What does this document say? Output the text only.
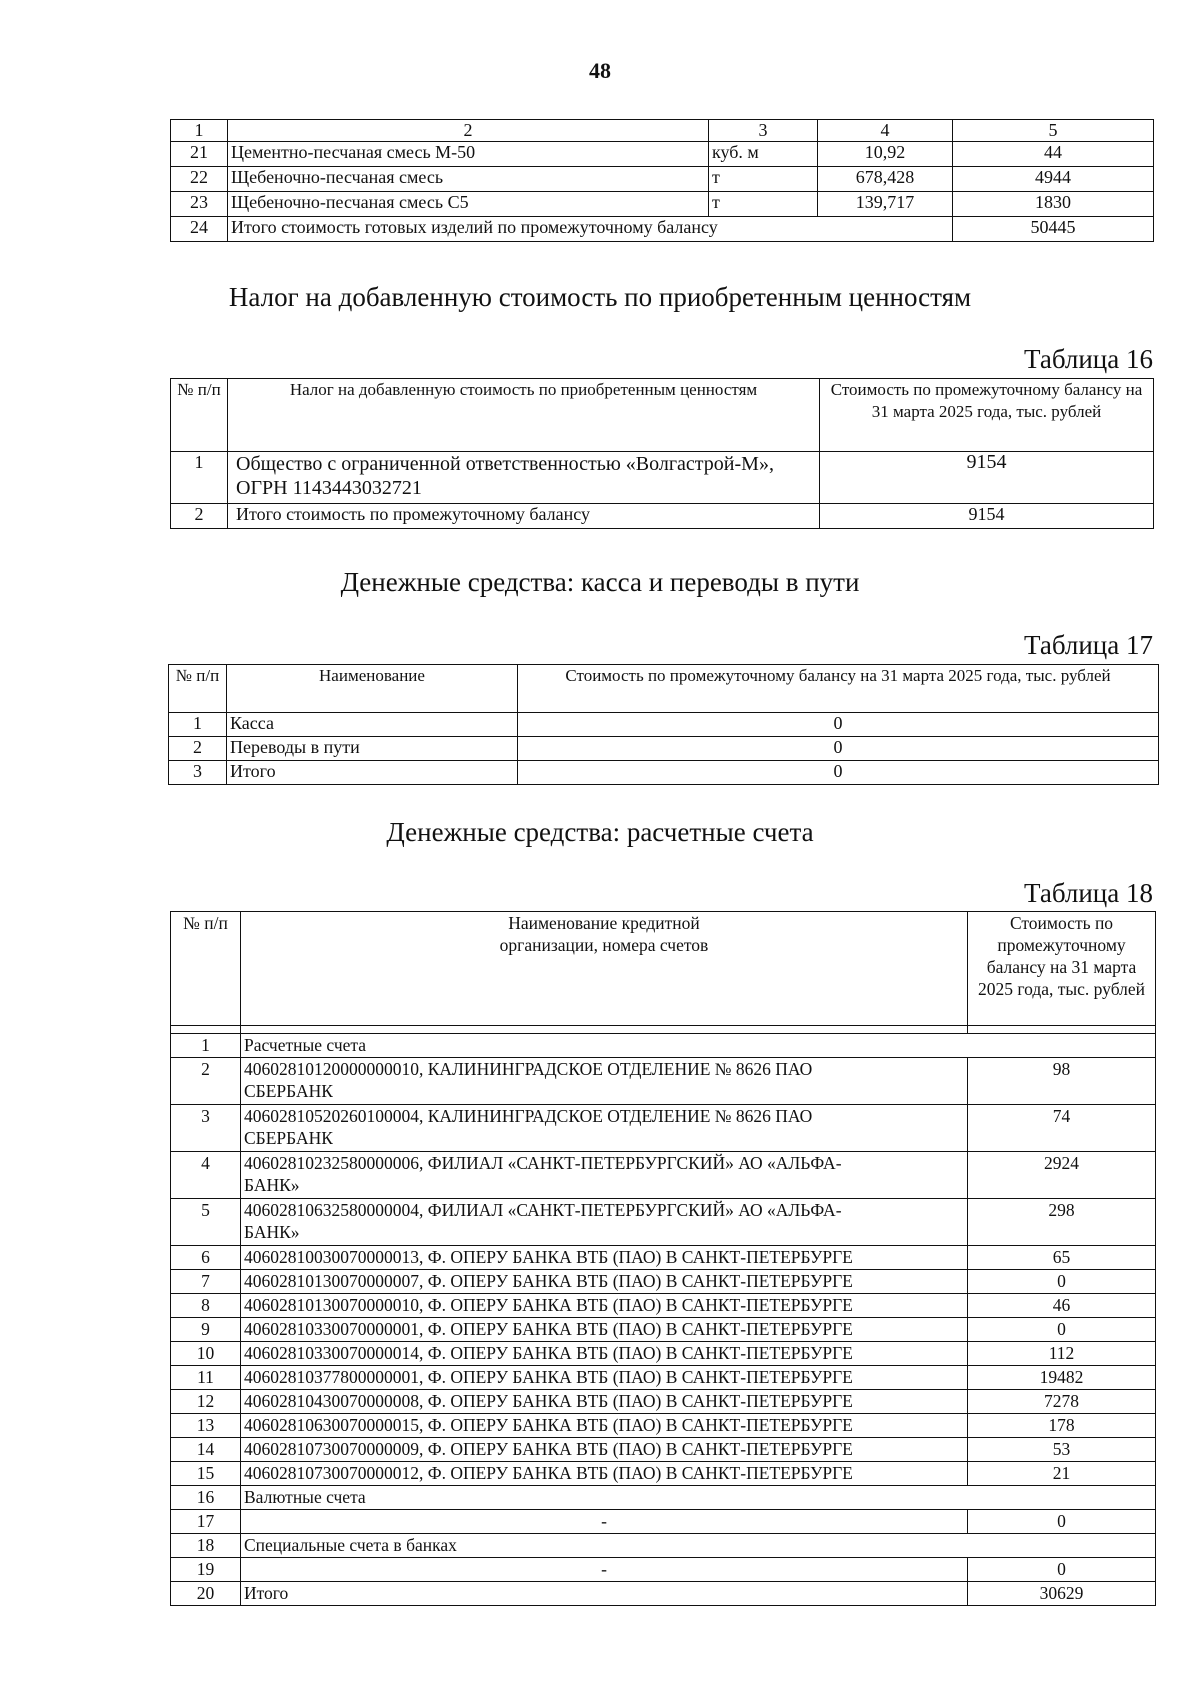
48
1	2	3	4	5
21	Цементно-песчаная смесь М-50	куб. м	10,92	44
22	Щебеночно-песчаная смесь	т	678,428	4944
23	Щебеночно-песчаная смесь С5	т	139,717	1830
24	Итого стоимость готовых изделий по промежуточному балансу			50445
Налог на добавленную стоимость по приобретенным ценностям
Таблица 16
№ п/п	Налог на добавленную стоимость по приобретенным ценностям	Стоимость по промежуточному балансу на 31 марта 2025 года, тыс. рублей
1	Общество с ограниченной ответственностью «Волгастрой-М», ОГРН 1143443032721	9154
2	Итого стоимость по промежуточному балансу	9154
Денежные средства: касса и переводы в пути
Таблица 17
№ п/п	Наименование	Стоимость по промежуточному балансу на 31 марта 2025 года, тыс. рублей
1	Касса	0
2	Переводы в пути	0
3	Итого	0
Денежные средства: расчетные счета
Таблица 18
№ п/п	Наименование кредитной организации, номера счетов	Стоимость по промежуточному балансу на 31 марта 2025 года, тыс. рублей

1	Расчетные счета	
2	40602810120000000010, КАЛИНИНГРАДСКОЕ ОТДЕЛЕНИЕ № 8626 ПАО СБЕРБАНК	98
3	40602810520260100004, КАЛИНИНГРАДСКОЕ ОТДЕЛЕНИЕ № 8626 ПАО СБЕРБАНК	74
4	40602810232580000006, ФИЛИАЛ «САНКТ-ПЕТЕРБУРГСКИЙ» АО «АЛЬФА-БАНК»	2924
5	40602810632580000004, ФИЛИАЛ «САНКТ-ПЕТЕРБУРГСКИЙ» АО «АЛЬФА-БАНК»	298
6	40602810030070000013, Ф. ОПЕРУ БАНКА ВТБ (ПАО) В САНКТ-ПЕТЕРБУРГЕ	65
7	40602810130070000007, Ф. ОПЕРУ БАНКА ВТБ (ПАО) В САНКТ-ПЕТЕРБУРГЕ	0
8	40602810130070000010, Ф. ОПЕРУ БАНКА ВТБ (ПАО) В САНКТ-ПЕТЕРБУРГЕ	46
9	40602810330070000001, Ф. ОПЕРУ БАНКА ВТБ (ПАО) В САНКТ-ПЕТЕРБУРГЕ	0
10	40602810330070000014, Ф. ОПЕРУ БАНКА ВТБ (ПАО) В САНКТ-ПЕТЕРБУРГЕ	112
11	40602810377800000001, Ф. ОПЕРУ БАНКА ВТБ (ПАО) В САНКТ-ПЕТЕРБУРГЕ	19482
12	40602810430070000008, Ф. ОПЕРУ БАНКА ВТБ (ПАО) В САНКТ-ПЕТЕРБУРГЕ	7278
13	40602810630070000015, Ф. ОПЕРУ БАНКА ВТБ (ПАО) В САНКТ-ПЕТЕРБУРГЕ	178
14	40602810730070000009, Ф. ОПЕРУ БАНКА ВТБ (ПАО) В САНКТ-ПЕТЕРБУРГЕ	53
15	40602810730070000012, Ф. ОПЕРУ БАНКА ВТБ (ПАО) В САНКТ-ПЕТЕРБУРГЕ	21
16	Валютные счета	
17	-	0
18	Специальные счета в банках	
19	-	0
20	Итого	30629
